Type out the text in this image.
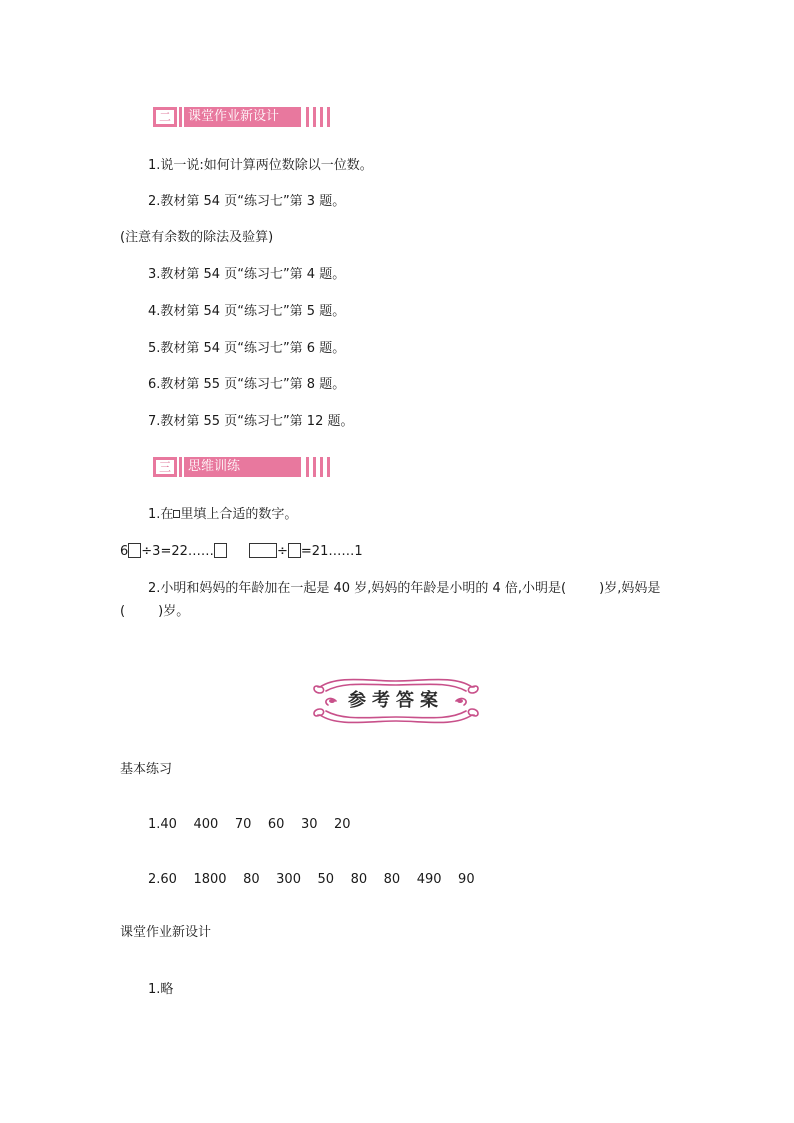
二	课堂作业新设计
1.说一说:如何计算两位数除以一位数。
2.教材第 54 页“练习七”第 3 题。
(注意有余数的除法及验算)
3.教材第 54 页“练习七”第 4 题。
4.教材第 54 页“练习七”第 5 题。
5.教材第 54 页“练习七”第 6 题。
6.教材第 55 页“练习七”第 8 题。
7.教材第 55 页“练习七”第 12 题。
三	思维训练
1.在 里填上合适的数字。
6 ÷3=22……	÷ =21……1
2.小明和妈妈的年龄加在一起是 40 岁,妈妈的年龄是小明的 4 倍,小明是(        )岁,妈妈是
(        )岁。
参考答案
基本练习
1.40    400    70    60    30    20
2.60    1800    80    300    50    80    80    490    90
课堂作业新设计
1.略
